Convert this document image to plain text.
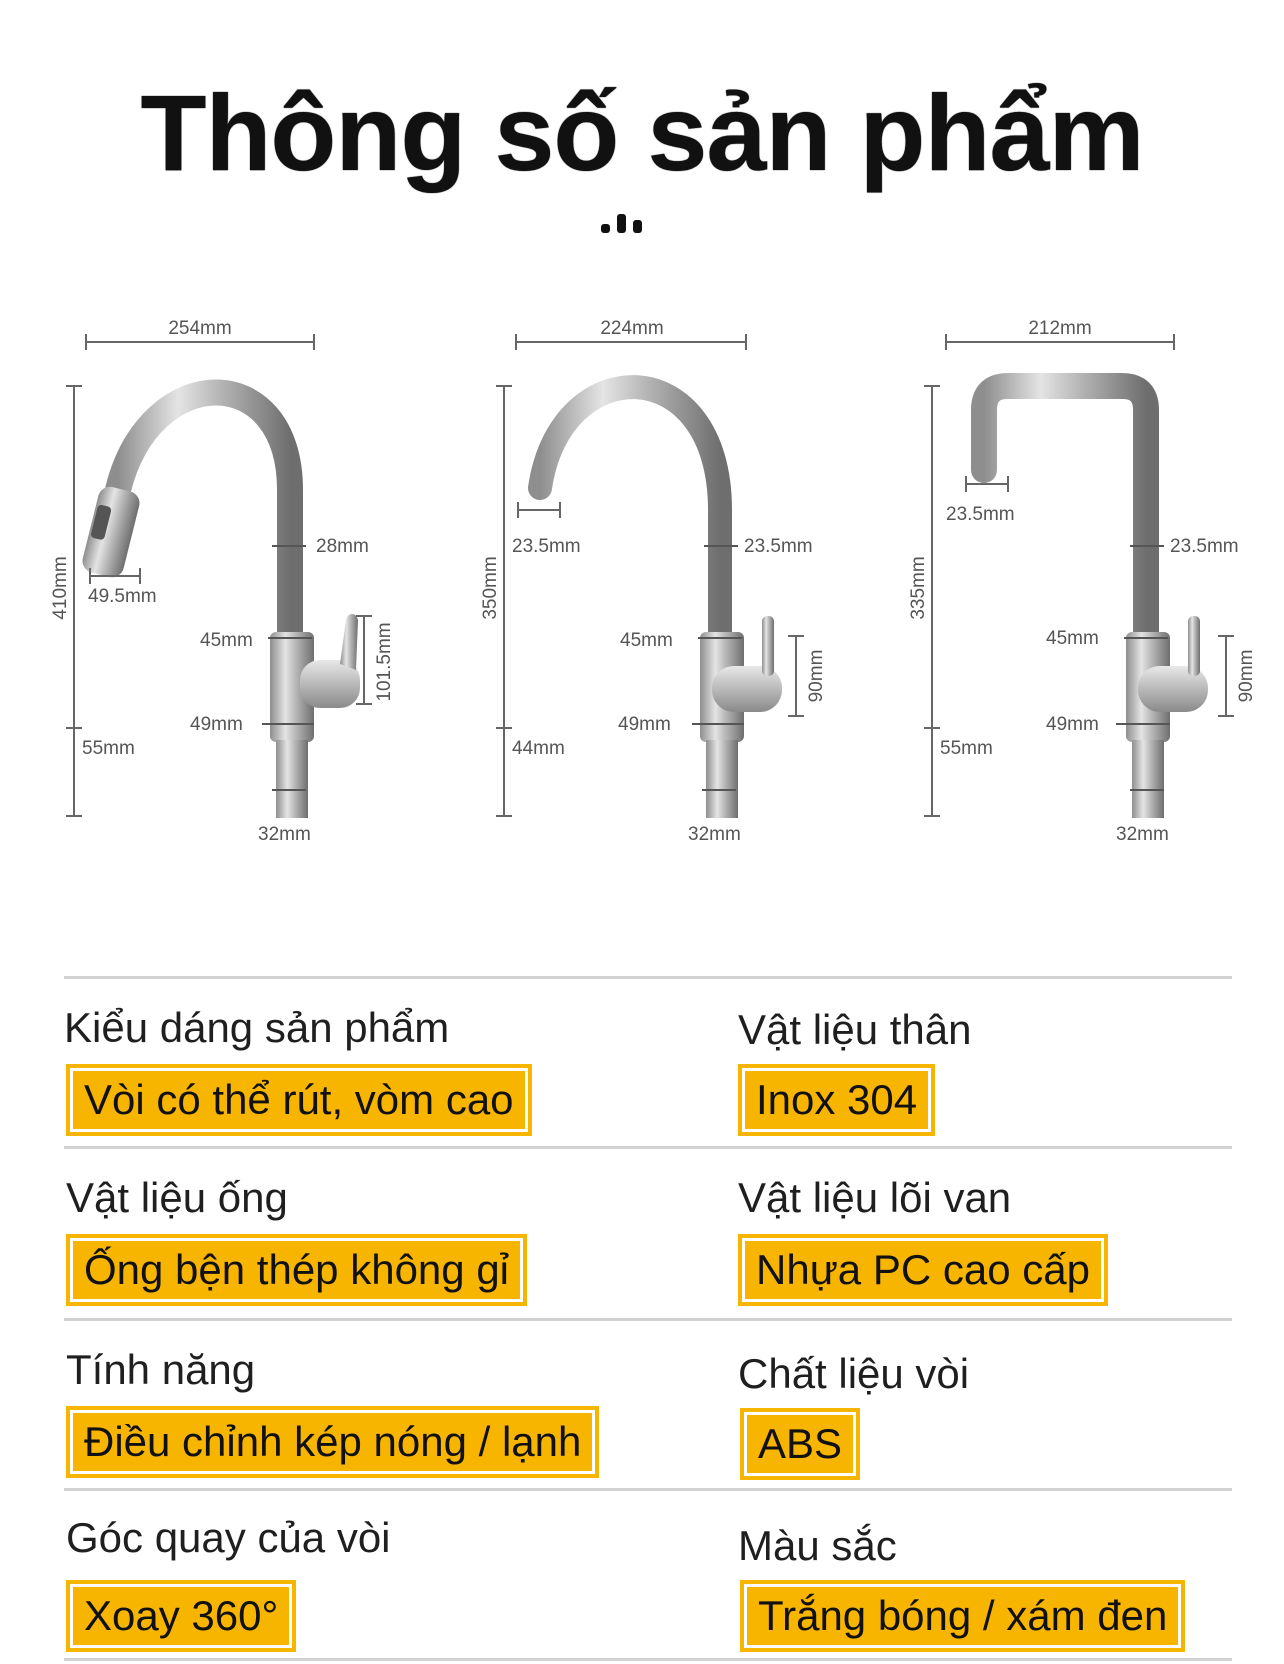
Thông số sản phẩm
254mm
410mm
55mm
49.5mm
28mm
45mm	101.5mm
49mm
32mm
224mm
350mm
44mm
23.5mm	23.5mm
45mm
90mm
49mm
32mm
212mm
335mm
55mm
23.5mm
23.5mm
45mm
90mm
49mm
32mm
Kiểu dáng sản phẩm
Vòi có thể rút, vòm cao
Vật liệu thân
Inox 304
Vật liệu ống
Ống bện thép không gỉ
Vật liệu lõi van
Nhựa PC cao cấp
Tính năng
Điều chỉnh kép nóng / lạnh
Chất liệu vòi
ABS
Góc quay của vòi
Xoay 360°
Màu sắc
Trắng bóng / xám đen
